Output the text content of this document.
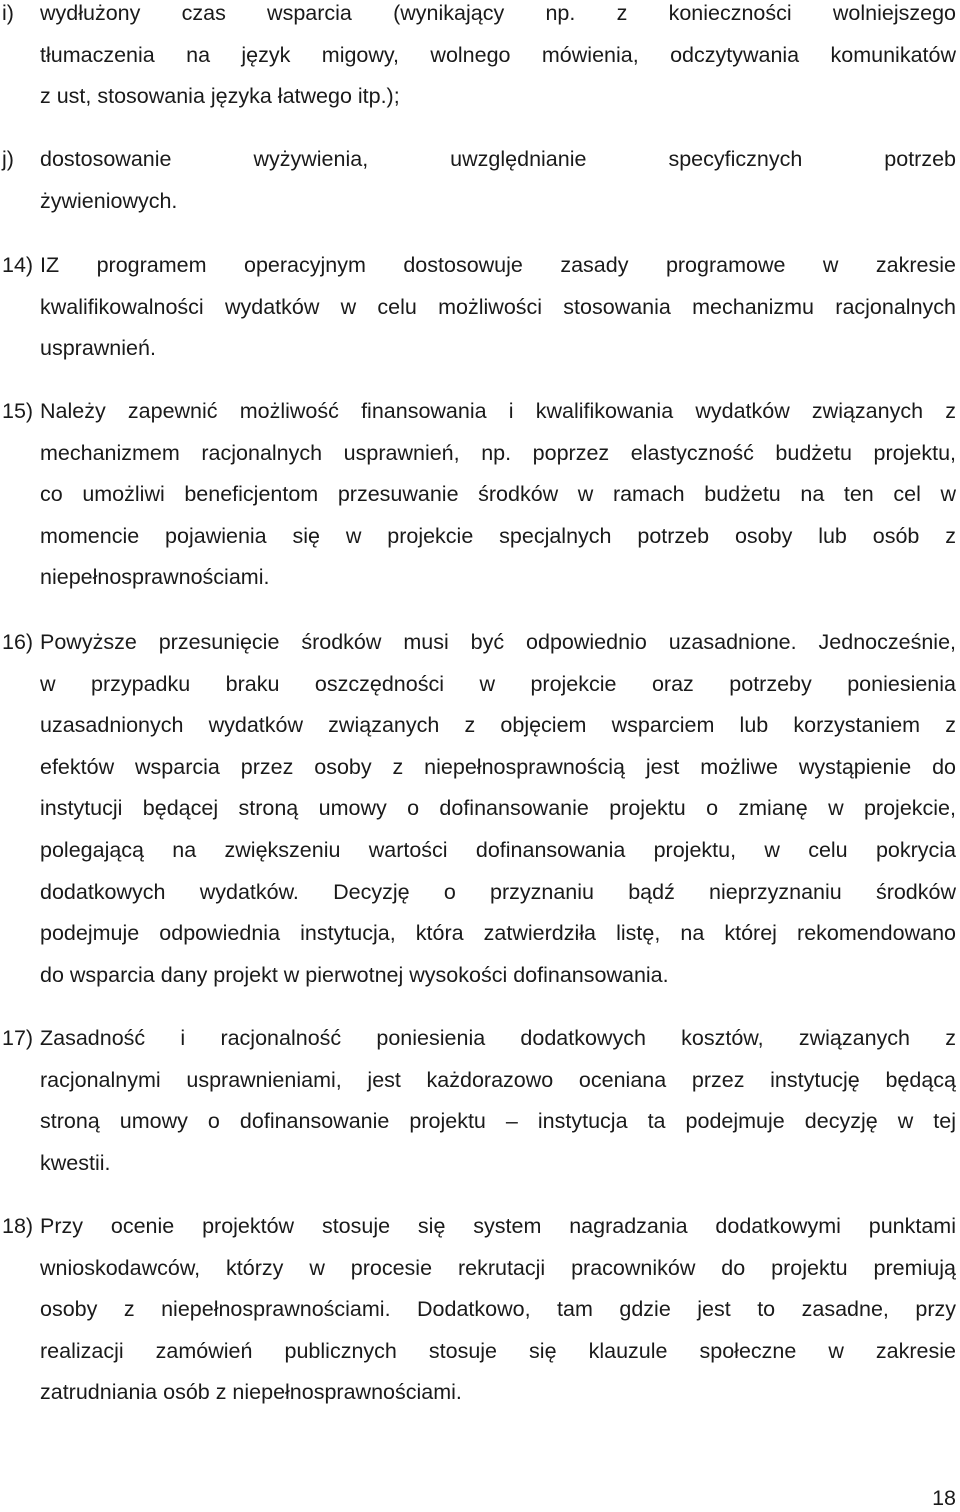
i) wydłużony czas wsparcia (wynikający np. z konieczności wolniejszego
tłumaczenia na język migowy, wolnego mówienia, odczytywania komunikatów
z ust, stosowania języka łatwego itp.);
j) dostosowanie wyżywienia, uwzględnianie specyficznych potrzeb
żywieniowych.
14) IZ programem operacyjnym dostosowuje zasady programowe w zakresie
kwalifikowalności wydatków w celu możliwości stosowania mechanizmu racjonalnych
usprawnień.
15) Należy zapewnić możliwość finansowania i kwalifikowania wydatków związanych z
mechanizmem racjonalnych usprawnień, np. poprzez elastyczność budżetu projektu,
co umożliwi beneficjentom przesuwanie środków w ramach budżetu na ten cel w
momencie pojawienia się w projekcie specjalnych potrzeb osoby lub osób z
niepełnosprawnościami.
16) Powyższe przesunięcie środków musi być odpowiednio uzasadnione. Jednocześnie,
w przypadku braku oszczędności w projekcie oraz potrzeby poniesienia
uzasadnionych wydatków związanych z objęciem wsparciem lub korzystaniem z
efektów wsparcia przez osoby z niepełnosprawnością jest możliwe wystąpienie do
instytucji będącej stroną umowy o dofinansowanie projektu o zmianę w projekcie,
polegającą na zwiększeniu wartości dofinansowania projektu, w celu pokrycia
dodatkowych wydatków. Decyzję o przyznaniu bądź nieprzyznaniu środków
podejmuje odpowiednia instytucja, która zatwierdziła listę, na której rekomendowano
do wsparcia dany projekt w pierwotnej wysokości dofinansowania.
17) Zasadność i racjonalność poniesienia dodatkowych kosztów, związanych z
racjonalnymi usprawnieniami, jest każdorazowo oceniana przez instytucję będącą
stroną umowy o dofinansowanie projektu – instytucja ta podejmuje decyzję w tej
kwestii.
18) Przy ocenie projektów stosuje się system nagradzania dodatkowymi punktami
wnioskodawców, którzy w procesie rekrutacji pracowników do projektu premiują
osoby z niepełnosprawnościami. Dodatkowo, tam gdzie jest to zasadne, przy
realizacji zamówień publicznych stosuje się klauzule społeczne w zakresie
zatrudniania osób z niepełnosprawnościami.
18
